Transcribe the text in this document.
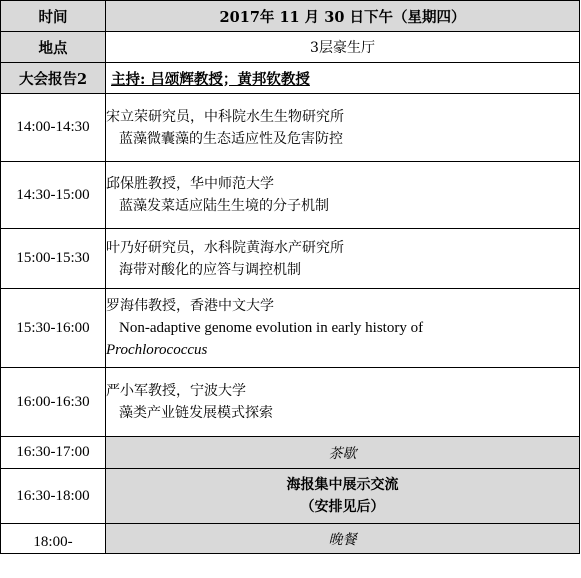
时间	2017年 11 月 30 日下午（星期四）
地点	3层豪生厅
大会报告2	主持: 吕颂辉教授；黄邦钦教授
14:00-14:30	宋立荣研究员，中科院水生生物研究所
蓝藻微囊藻的生态适应性及危害防控

14:30-15:00	邱保胜教授，华中师范大学
蓝藻发菜适应陆生生境的分子机制

15:00-15:30	叶乃好研究员，水科院黄海水产研究所
海带对酸化的应答与调控机制

15:30-16:00	罗海伟教授，香港中文大学
Non-adaptive genome evolution in early history of
Prochlorococcus

16:00-16:30	严小军教授，宁波大学
藻类产业链发展模式探索

16:30-17:00	茶歇
16:30-18:00	海报集中展示交流
（安排见后）

18:00-	晚餐
